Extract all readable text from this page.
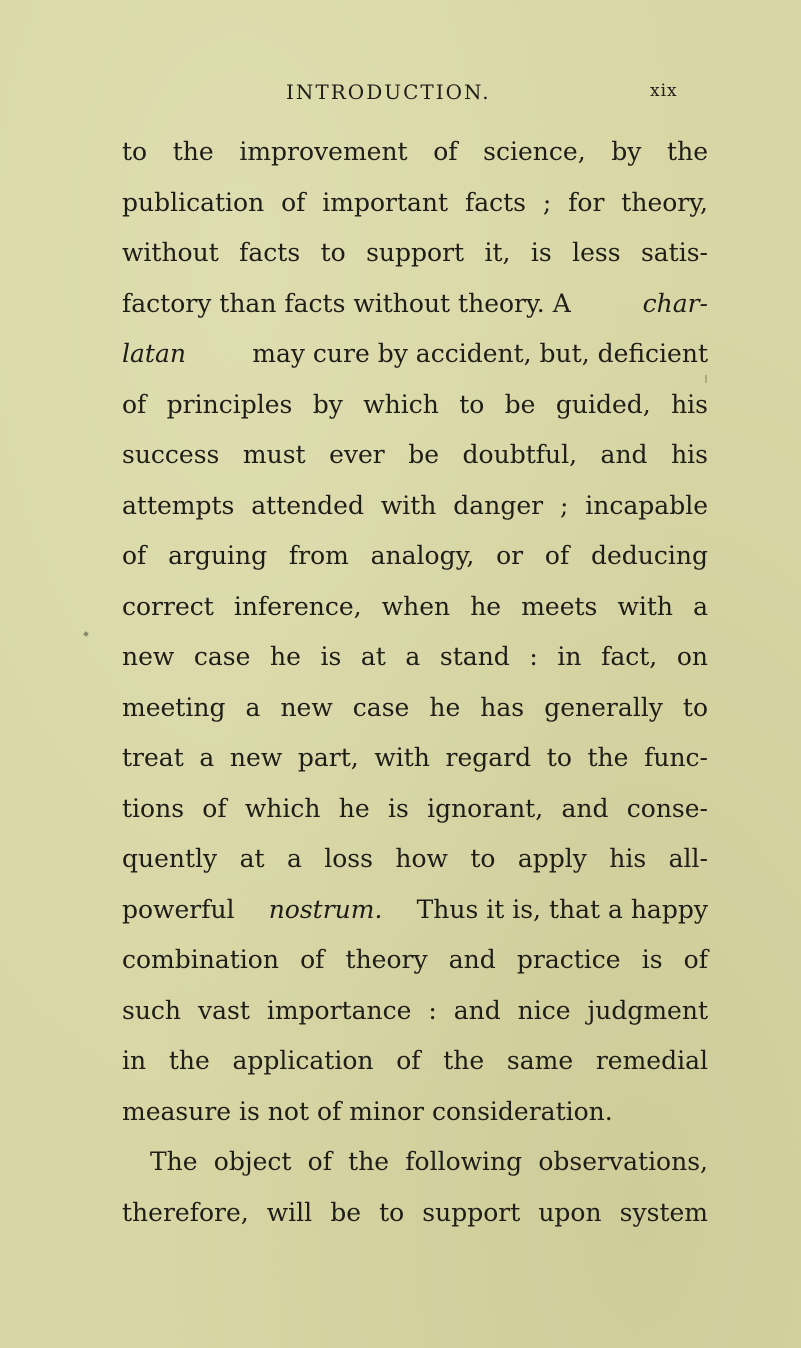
INTRODUCTION.	xix
to the improvement of science, by the
publication of important facts ; for theory,
without facts to support it, is less satis-
factory than facts without theory. A	char-
latan	may cure by accident, but, deficient
of principles by which to be guided, his
success must ever be doubtful, and his
attempts attended with danger ; incapable
of arguing from analogy, or of deducing
correct inference, when he meets with a
new case he is at a stand : in fact, on
meeting a new case he has generally to
treat a new part, with regard to the func-
tions of which he is ignorant, and conse-
quently at a loss how to apply his all-
powerful nostrum. Thus it is, that a happy
combination of theory and practice is of
such vast importance : and nice judgment
in the application of the same remedial
measure is not of minor consideration.
The object of the following observations,
therefore, will be to support upon system
